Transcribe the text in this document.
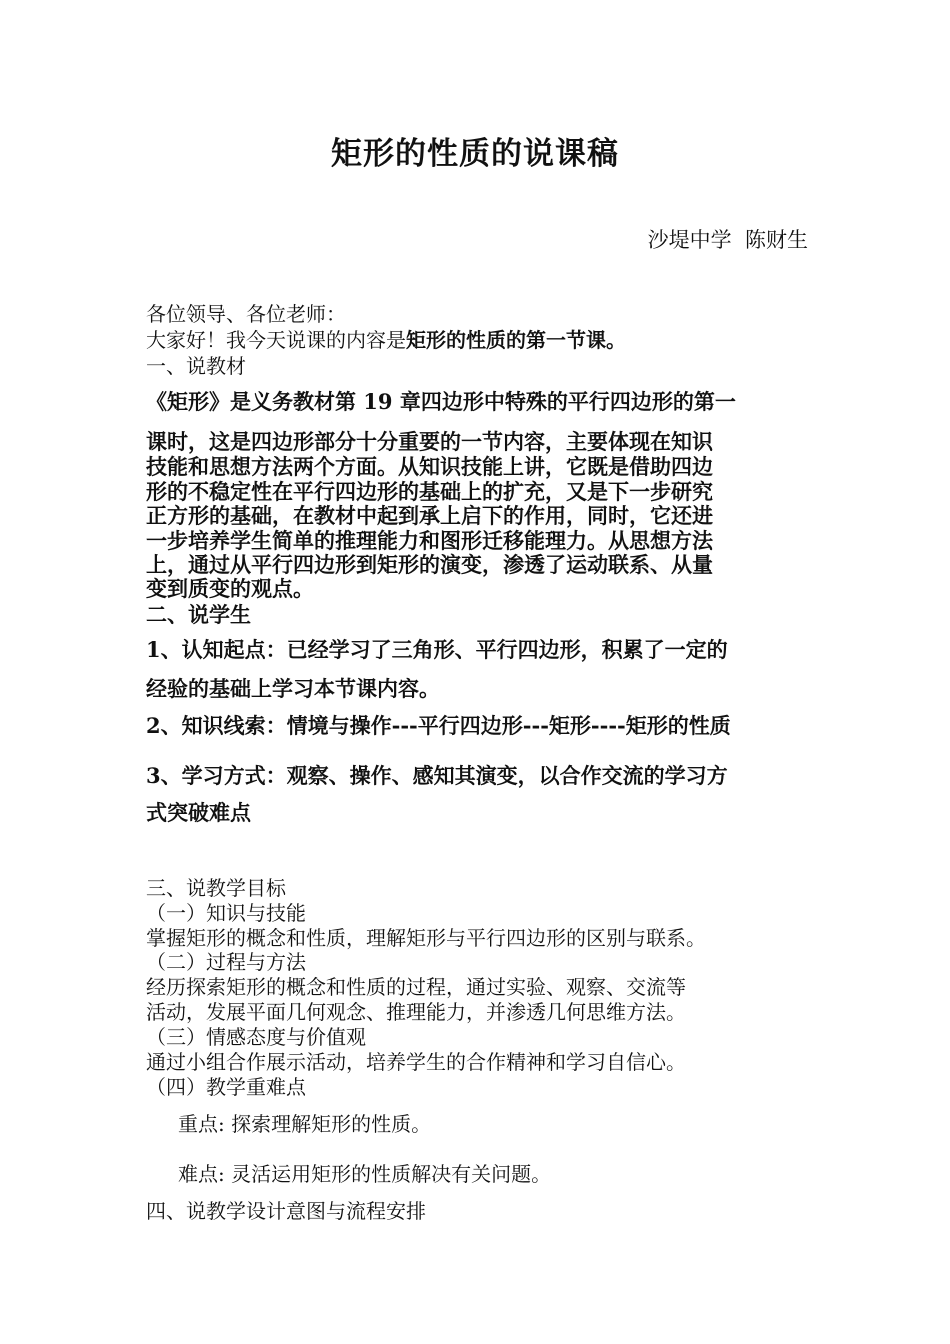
矩形的性质的说课稿
沙堤中学  陈财生
各位领导、各位老师：
大家好！我今天说课的内容是矩形的性质的第一节课。
一、说教材
《矩形》是义务教材第 19 章四边形中特殊的平行四边形的第一
课时，这是四边形部分十分重要的一节内容，主要体现在知识
技能和思想方法两个方面。从知识技能上讲，它既是借助四边
形的不稳定性在平行四边形的基础上的扩充，又是下一步研究
正方形的基础，在教材中起到承上启下的作用，同时，它还进
一步培养学生简单的推理能力和图形迁移能理力。从思想方法
上，通过从平行四边形到矩形的演变，渗透了运动联系、从量
变到质变的观点。
二、说学生
1、认知起点：已经学习了三角形、平行四边形，积累了一定的
经验的基础上学习本节课内容。
2、知识线索：情境与操作---平行四边形---矩形----矩形的性质
3、学习方式：观察、操作、感知其演变，以合作交流的学习方
式突破难点
三、说教学目标
（一）知识与技能
掌握矩形的概念和性质，理解矩形与平行四边形的区别与联系。
（二）过程与方法
经历探索矩形的概念和性质的过程，通过实验、观察、交流等
活动，发展平面几何观念、推理能力，并渗透几何思维方法。
（三）情感态度与价值观
通过小组合作展示活动，培养学生的合作精神和学习自信心。
（四）教学重难点
重点: 探索理解矩形的性质。
难点: 灵活运用矩形的性质解决有关问题。
四、说教学设计意图与流程安排
